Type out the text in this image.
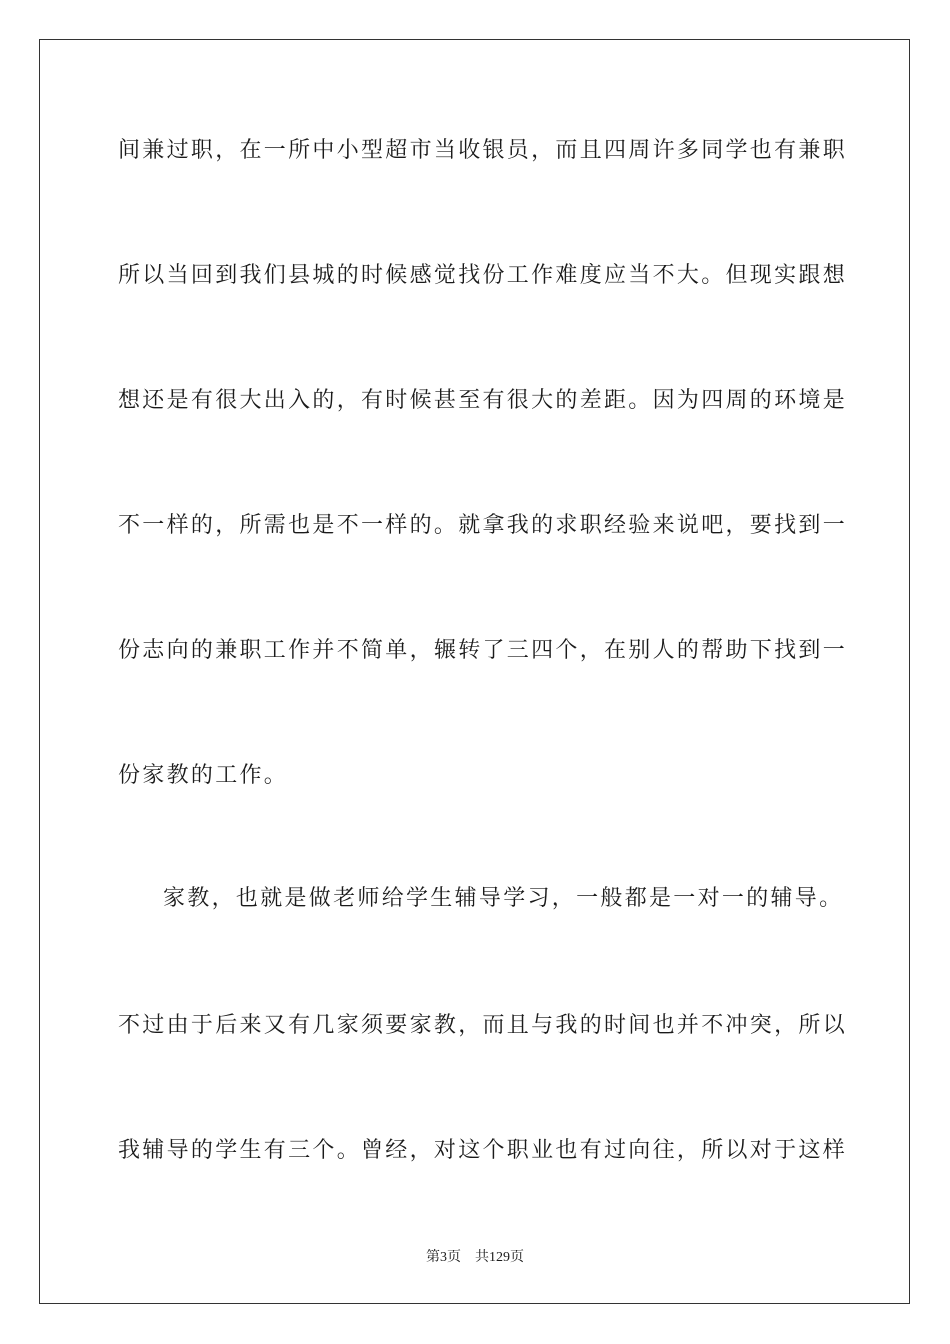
间兼过职，在一所中小型超市当收银员，而且四周许多同学也有兼职
所以当回到我们县城的时候感觉找份工作难度应当不大。但现实跟想
想还是有很大出入的，有时候甚至有很大的差距。因为四周的环境是
不一样的，所需也是不一样的。就拿我的求职经验来说吧，要找到一
份志向的兼职工作并不简单，辗转了三四个，在别人的帮助下找到一
份家教的工作。
家教，也就是做老师给学生辅导学习，一般都是一对一的辅导。
不过由于后来又有几家须要家教，而且与我的时间也并不冲突，所以
我辅导的学生有三个。曾经，对这个职业也有过向往，所以对于这样
第3页 共129页
